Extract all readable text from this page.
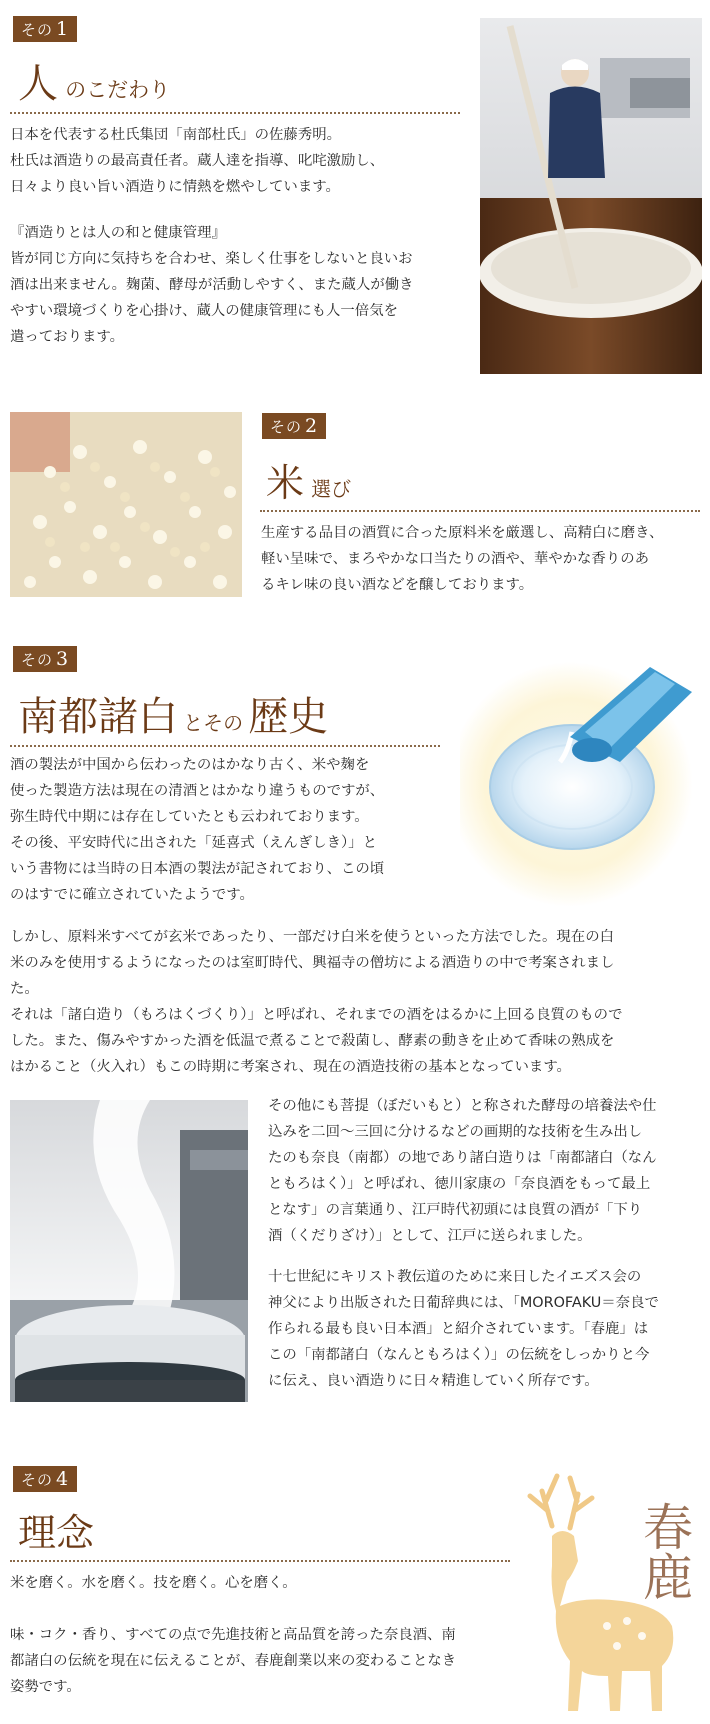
その 1
人 のこだわり

日本を代表する杜氏集団「南部杜氏」の佐藤秀明。
杜氏は酒造りの最高責任者。蔵人達を指導、叱咤激励し、
日々より良い旨い酒造りに情熱を燃やしています。

『酒造りとは人の和と健康管理』
皆が同じ方向に気持ちを合わせ、楽しく仕事をしないと良いお
酒は出来ません。麹菌、酵母が活動しやすく、また蔵人が働き
やすい環境づくりを心掛け、蔵人の健康管理にも人一倍気を
遣っております。

その 2
米 選び

生産する品目の酒質に合った原料米を厳選し、高精白に磨き、
軽い呈味で、まろやかな口当たりの酒や、華やかな香りのあ
るキレ味の良い酒などを醸しております。

その 3
南都諸白 とその 歴史

酒の製法が中国から伝わったのはかなり古く、米や麹を
使った製造方法は現在の清酒とはかなり違うものですが、
弥生時代中期には存在していたとも云われております。
その後、平安時代に出された「延喜式（えんぎしき）」と
いう書物には当時の日本酒の製法が記されており、この頃
のはすでに確立されていたようです。

しかし、原料米すべてが玄米であったり、一部だけ白米を使うといった方法でした。現在の白
米のみを使用するようになったのは室町時代、興福寺の僧坊による酒造りの中で考案されまし
た。
それは「諸白造り（もろはくづくり）」と呼ばれ、それまでの酒をはるかに上回る良質のもので
した。また、傷みやすかった酒を低温で煮ることで殺菌し、酵素の動きを止めて香味の熟成を
はかること（火入れ）もこの時期に考案され、現在の酒造技術の基本となっています。

その他にも菩提（ぼだいもと）と称された酵母の培養法や仕
込みを二回〜三回に分けるなどの画期的な技術を生み出し
たのも奈良（南都）の地であり諸白造りは「南都諸白（なん
ともろはく）」と呼ばれ、徳川家康の「奈良酒をもって最上
となす」の言葉通り、江戸時代初頭には良質の酒が「下り
酒（くだりざけ）」として、江戸に送られました。

十七世紀にキリスト教伝道のために来日したイエズス会の
神父により出版された日葡辞典には、「MOROFAKU＝奈良で
作られる最も良い日本酒」と紹介されています。「春鹿」は
この「南都諸白（なんともろはく）」の伝統をしっかりと今
に伝え、良い酒造りに日々精進していく所存です。

その 4
理念

米を磨く。水を磨く。技を磨く。心を磨く。

味・コク・香り、すべての点で先進技術と高品質を誇った奈良酒、南
都諸白の伝統を現在に伝えることが、春鹿創業以来の変わることなき
姿勢です。

春鹿
